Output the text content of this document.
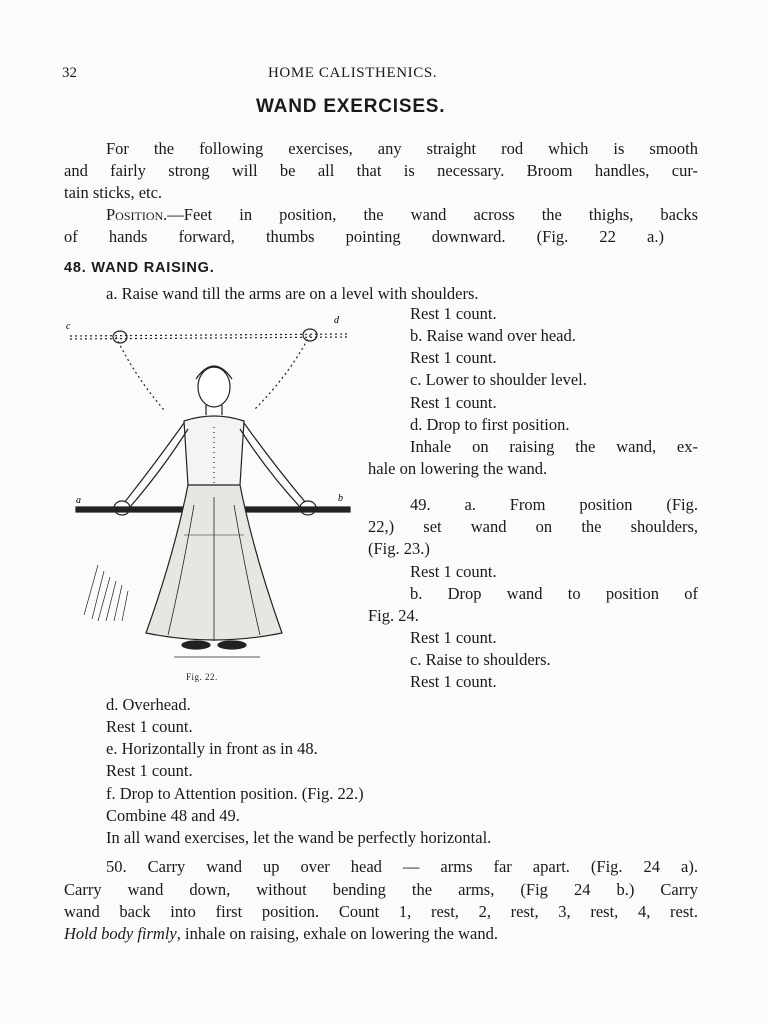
32	HOME CALISTHENICS.
WAND EXERCISES.
For the following exercises, any straight rod which is smooth
and fairly strong will be all that is necessary. Broom handles, cur-
tain sticks, etc.
Position. —Feet in position, the wand across the thighs, backs
of hands forward, thumbs pointing downward. (Fig. 22 a.)
48. WAND RAISING.
a. Raise wand till the arms are on a level with shoulders.
Rest 1 count.
b. Raise wand over head.
Rest 1 count.
c. Lower to shoulder level.
Rest 1 count.
d. Drop to first position.
Inhale on raising the wand, ex-
hale on lowering the wand.
49. a. From position (Fig.
22,) set wand on the shoulders,
(Fig. 23.)
Rest 1 count.
b. Drop wand to position of
Fig. 24.
Rest 1 count.
c. Raise to shoulders.
Rest 1 count.
c
d
a	b
Fig. 22.
d. Overhead.
Rest 1 count.
e. Horizontally in front as in 48.
Rest 1 count.
f. Drop to Attention position. (Fig. 22.)
Combine 48 and 49.
In all wand exercises, let the wand be perfectly horizontal.
50. Carry wand up over head — arms far apart. (Fig. 24 a).
Carry wand down, without bending the arms, (Fig 24 b.) Carry
wand back into first position. Count 1, rest, 2, rest, 3, rest, 4, rest.
Hold body firmly, inhale on raising, exhale on lowering the wand.
